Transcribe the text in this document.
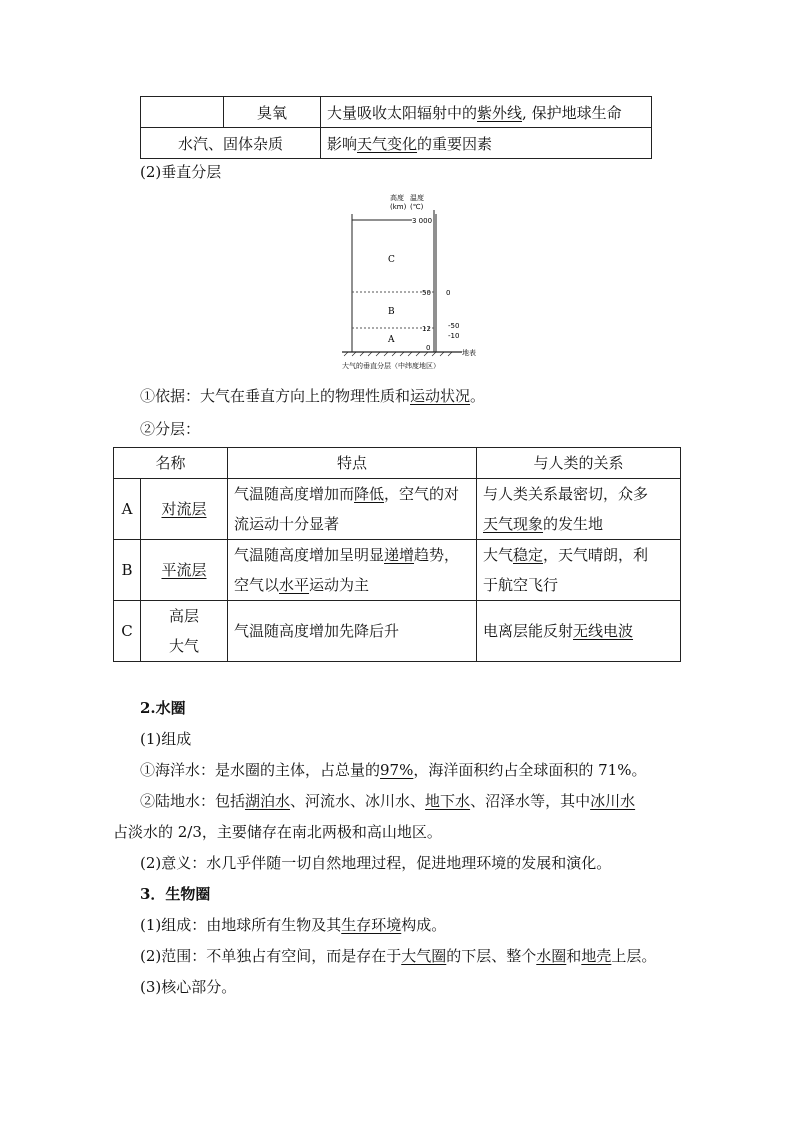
	臭氧	大量吸收太阳辐射中的紫外线, 保护地球生命
水汽、固体杂质		影响天气变化的重要因素
(2)垂直分层
高度
(km)
温度
(℃)
3 000
50
12
0
0
-50
-10
C
B
A
地表
大气的垂直分层（中纬度地区）
①依据：大气在垂直方向上的物理性质和运动状况。
②分层：
名称		特点	与人类的关系
A	对流层	气温随高度增加而降低，空气的对
流运动十分显著	与人类关系最密切，众多
天气现象的发生地
B	平流层	气温随高度增加呈明显递增趋势，
空气以水平运动为主	大气稳定，天气晴朗，利
于航空飞行
C	高层
大气	气温随高度增加先降后升	电离层能反射无线电波
2.水圈
(1)组成
①海洋水：是水圈的主体，占总量的97%，海洋面积约占全球面积的 71%。
②陆地水：包括湖泊水、河流水、冰川水、地下水、沼泽水等，其中冰川水
占淡水的 2/3，主要储存在南北两极和高山地区。
(2)意义：水几乎伴随一切自然地理过程，促进地理环境的发展和演化。
3．生物圈
(1)组成：由地球所有生物及其生存环境构成。
(2)范围：不单独占有空间，而是存在于大气圈的下层、整个水圈和地壳上层。
(3)核心部分。
